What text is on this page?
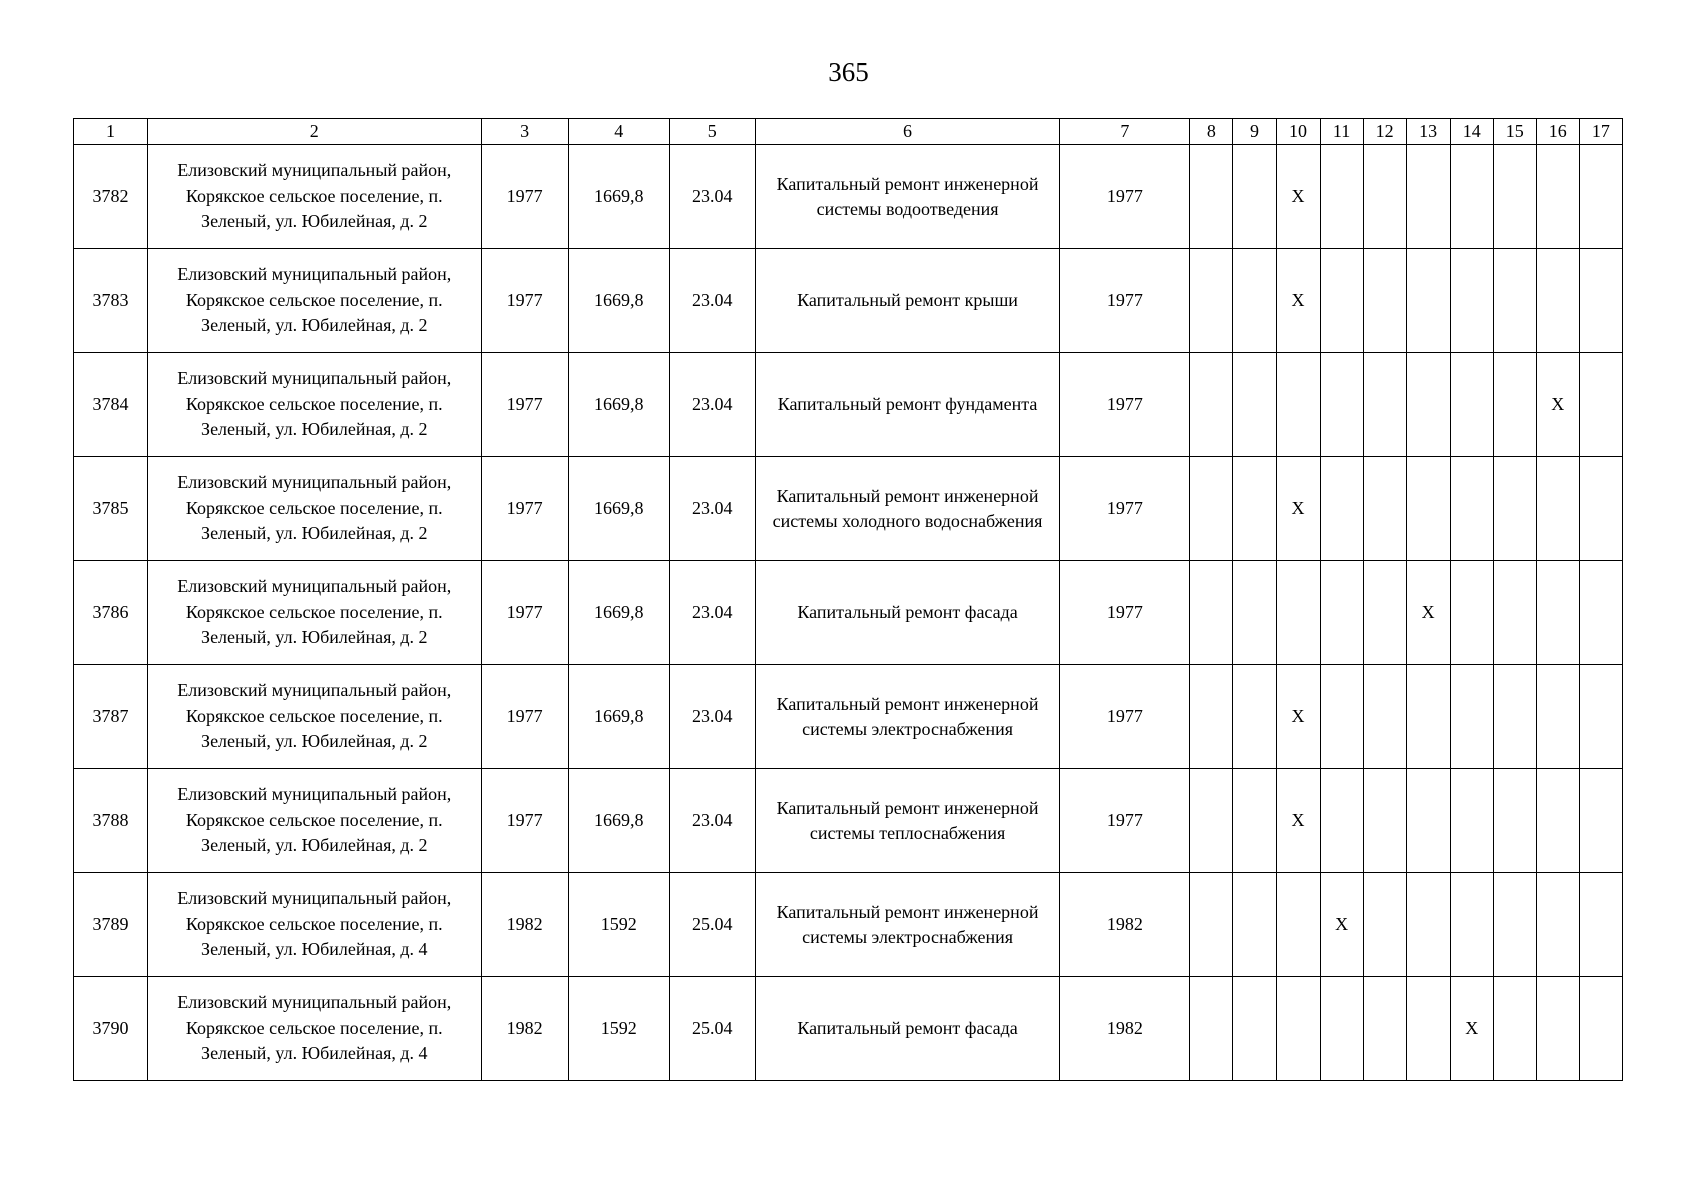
365
1	2	3	4	5	6	7	8	9	10	11	12	13	14	15	16	17
3782	Елизовский муниципальный район, Корякское сельское поселение, п. Зеленый, ул. Юбилейная, д. 2	1977	1669,8	23.04	Капитальный ремонт инженерной системы водоотведения	1977			X							
3783	Елизовский муниципальный район, Корякское сельское поселение, п. Зеленый, ул. Юбилейная, д. 2	1977	1669,8	23.04	Капитальный ремонт крыши	1977			X							
3784	Елизовский муниципальный район, Корякское сельское поселение, п. Зеленый, ул. Юбилейная, д. 2	1977	1669,8	23.04	Капитальный ремонт фундамента	1977									X	
3785	Елизовский муниципальный район, Корякское сельское поселение, п. Зеленый, ул. Юбилейная, д. 2	1977	1669,8	23.04	Капитальный ремонт инженерной системы холодного водоснабжения	1977			X							
3786	Елизовский муниципальный район, Корякское сельское поселение, п. Зеленый, ул. Юбилейная, д. 2	1977	1669,8	23.04	Капитальный ремонт фасада	1977						X				
3787	Елизовский муниципальный район, Корякское сельское поселение, п. Зеленый, ул. Юбилейная, д. 2	1977	1669,8	23.04	Капитальный ремонт инженерной системы электроснабжения	1977			X							
3788	Елизовский муниципальный район, Корякское сельское поселение, п. Зеленый, ул. Юбилейная, д. 2	1977	1669,8	23.04	Капитальный ремонт инженерной системы теплоснабжения	1977			X							
3789	Елизовский муниципальный район, Корякское сельское поселение, п. Зеленый, ул. Юбилейная, д. 4	1982	1592	25.04	Капитальный ремонт инженерной системы электроснабжения	1982				X						
3790	Елизовский муниципальный район, Корякское сельское поселение, п. Зеленый, ул. Юбилейная, д. 4	1982	1592	25.04	Капитальный ремонт фасада	1982							X			
